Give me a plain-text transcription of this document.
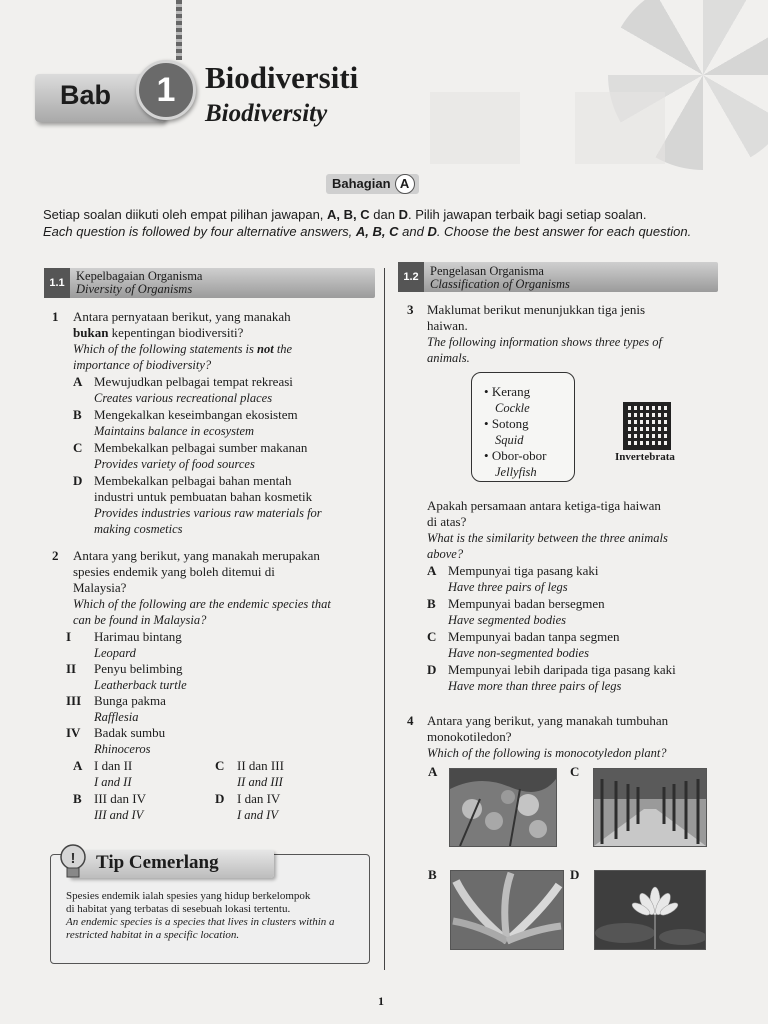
Bab	1 Biodiversiti
Biodiversity
Bahagian A
Setiap soalan diikuti oleh empat pilihan jawapan, A, B, C dan D. Pilih jawapan terbaik bagi setiap soalan.
Each question is followed by four alternative answers, A, B, C and D. Choose the best answer for each question.
1.1 Kepelbagaian Organisma
Diversity of Organisms
1.2 Pengelasan Organisma
Classification of Organisms
1 Antara pernyataan berikut, yang manakah
bukan kepentingan biodiversiti?
Which of the following statements is not the
importance of biodiversity?
A Mewujudkan pelbagai tempat rekreasi
Creates various recreational places
B Mengekalkan keseimbangan ekosistem
Maintains balance in ecosystem
C Membekalkan pelbagai sumber makanan
Provides variety of food sources
D Membekalkan pelbagai bahan mentah
industri untuk pembuatan bahan kosmetik
Provides industries various raw materials for
making cosmetics
2 Antara yang berikut, yang manakah merupakan
spesies endemik yang boleh ditemui di
Malaysia?
Which of the following are the endemic species that
can be found in Malaysia?
I Harimau bintang
Leopard
II Penyu belimbing
Leatherback turtle
III Bunga pakma
Rafflesia
IV Badak sumbu
Rhinoceros
A I dan II
I and II
C II dan III
II and III
B III dan IV
III and IV
D I dan IV
I and IV
! Tip Cemerlang
Spesies endemik ialah spesies yang hidup berkelompok
di habitat yang terbatas di sesebuah lokasi tertentu.
An endemic species is a species that lives in clusters within a
restricted habitat in a specific location.
3 Maklumat berikut menunjukkan tiga jenis
haiwan.
The following information shows three types of
animals.
• Kerang
Cockle
• Sotong
Squid
• Obor-obor
Jellyfish
Invertebrata
Apakah persamaan antara ketiga-tiga haiwan
di atas?
What is the similarity between the three animals
above?
A Mempunyai tiga pasang kaki
Have three pairs of legs
B Mempunyai badan bersegmen
Have segmented bodies
C Mempunyai badan tanpa segmen
Have non-segmented bodies
D Mempunyai lebih daripada tiga pasang kaki
Have more than three pairs of legs
4 Antara yang berikut, yang manakah tumbuhan
monokotiledon?
Which of the following is monocotyledon plant?
A	C
B	D
1
